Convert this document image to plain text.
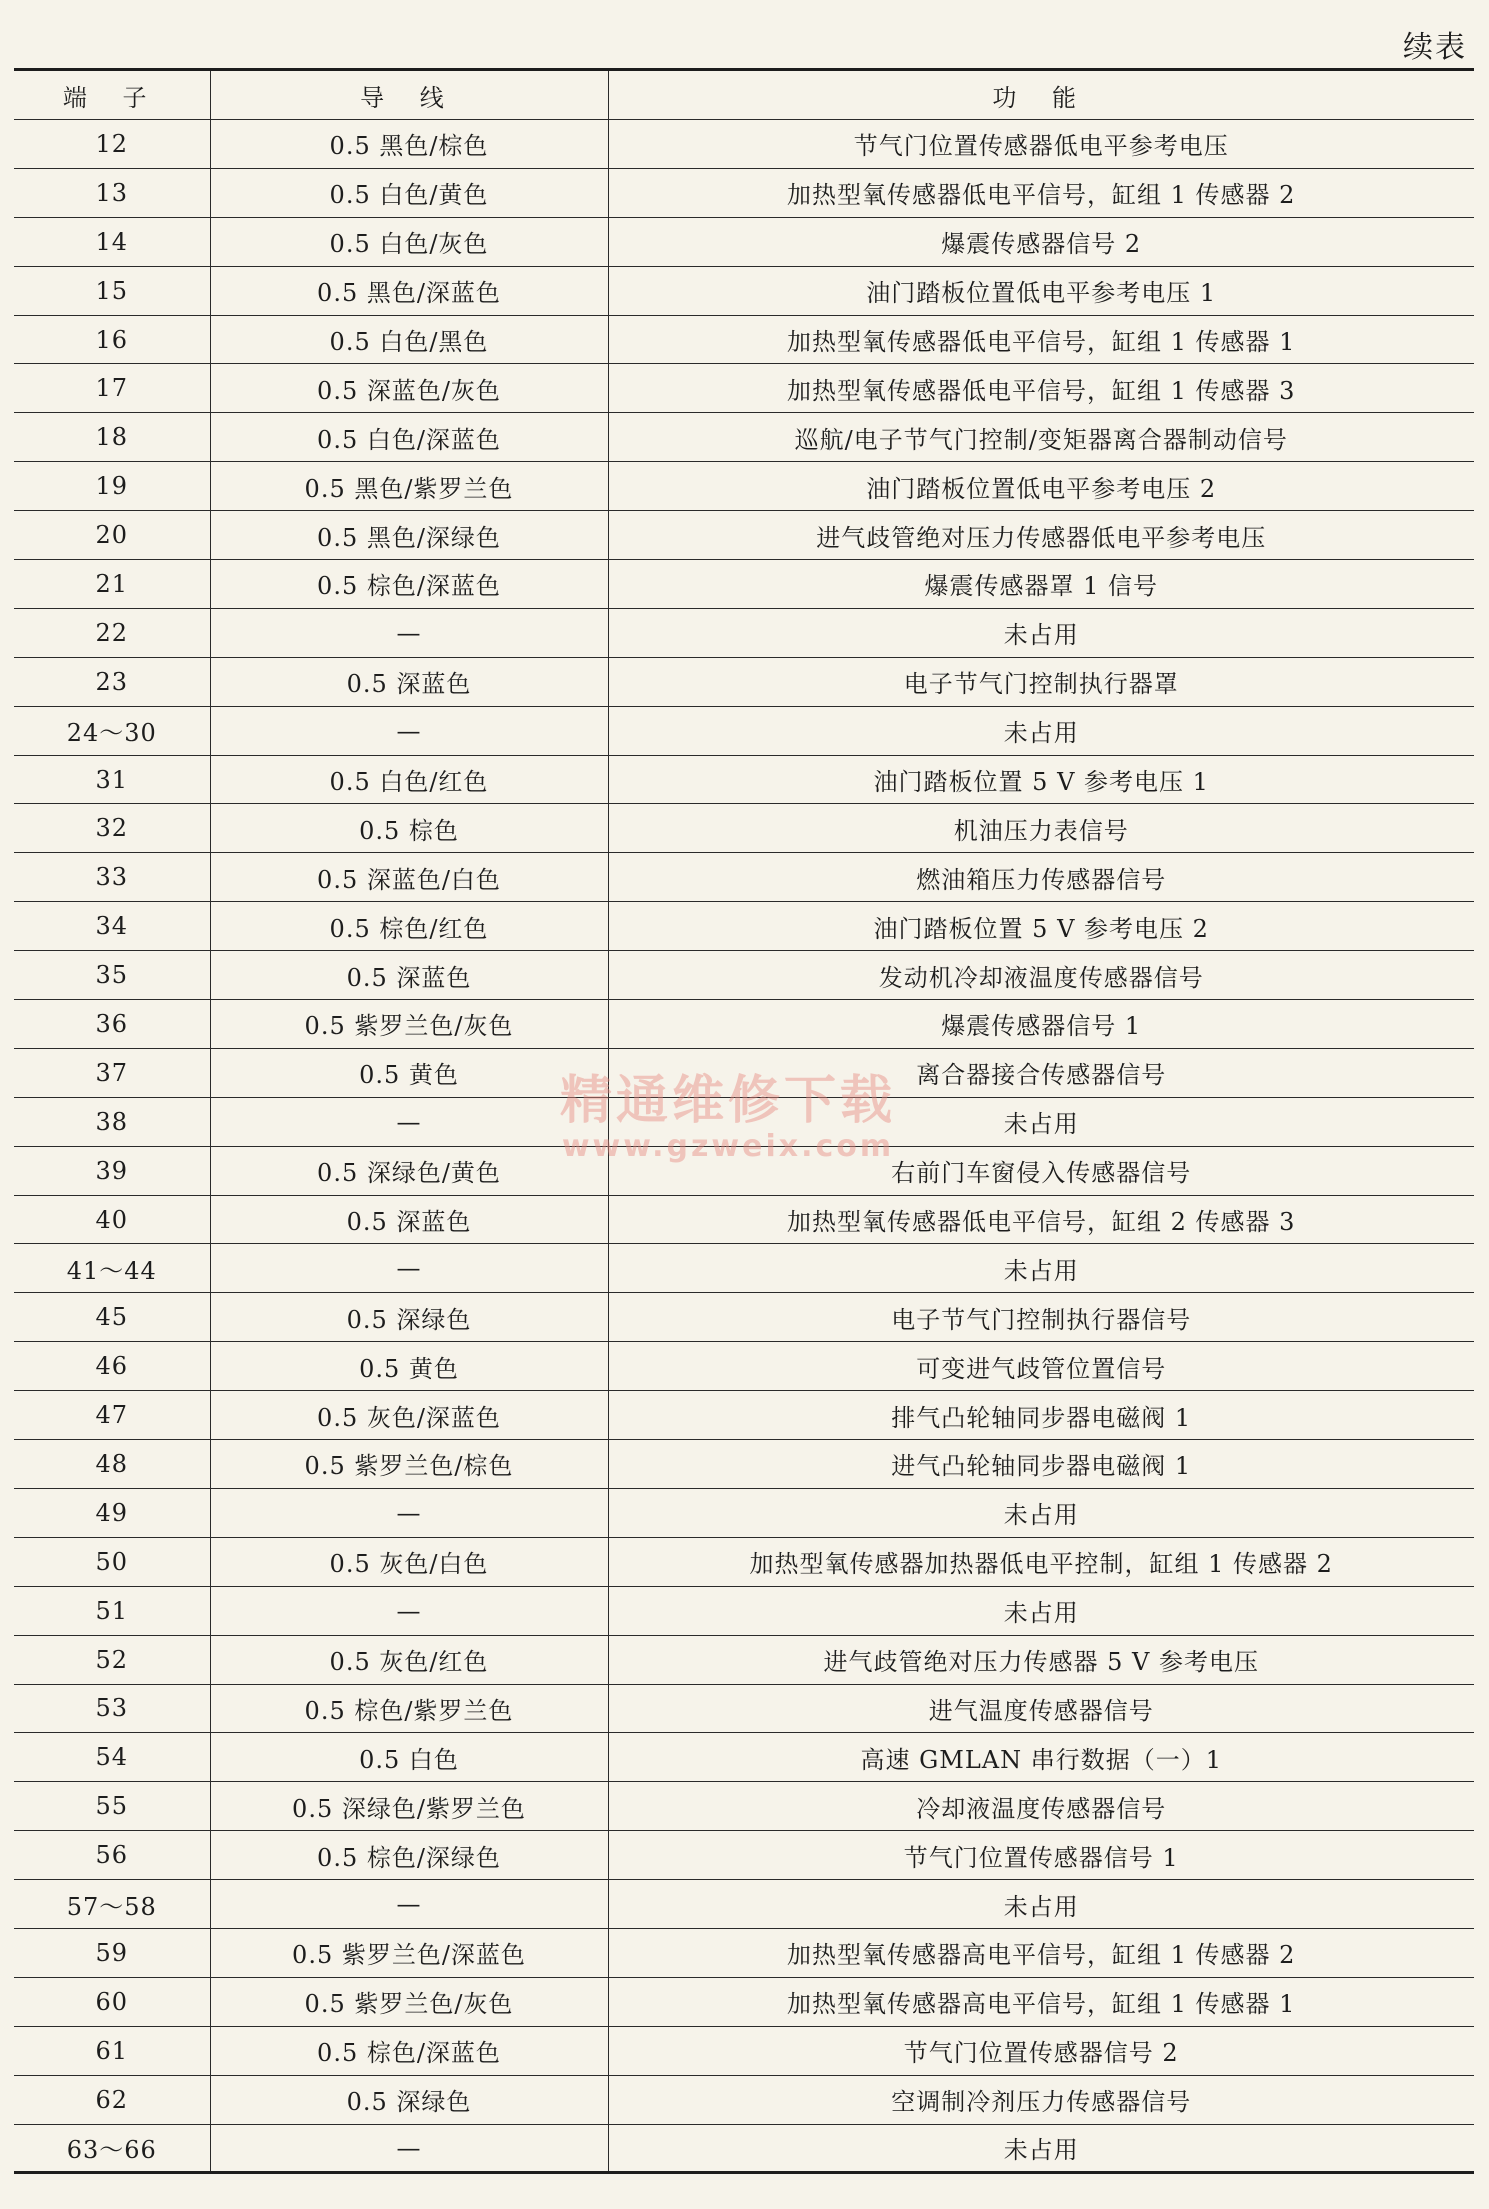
续表
端 子	导 线	功 能
12	0.5 黑色/棕色	节气门位置传感器低电平参考电压
13	0.5 白色/黄色	加热型氧传感器低电平信号，缸组 1 传感器 2
14	0.5 白色/灰色	爆震传感器信号 2
15	0.5 黑色/深蓝色	油门踏板位置低电平参考电压 1
16	0.5 白色/黑色	加热型氧传感器低电平信号，缸组 1 传感器 1
17	0.5 深蓝色/灰色	加热型氧传感器低电平信号，缸组 1 传感器 3
18	0.5 白色/深蓝色	巡航/电子节气门控制/变矩器离合器制动信号
19	0.5 黑色/紫罗兰色	油门踏板位置低电平参考电压 2
20	0.5 黑色/深绿色	进气歧管绝对压力传感器低电平参考电压
21	0.5 棕色/深蓝色	爆震传感器罩 1 信号
22	—	未占用
23	0.5 深蓝色	电子节气门控制执行器罩
24～30	—	未占用
31	0.5 白色/红色	油门踏板位置 5 V 参考电压 1
32	0.5 棕色	机油压力表信号
33	0.5 深蓝色/白色	燃油箱压力传感器信号
34	0.5 棕色/红色	油门踏板位置 5 V 参考电压 2
35	0.5 深蓝色	发动机冷却液温度传感器信号
36	0.5 紫罗兰色/灰色	爆震传感器信号 1
37	0.5 黄色	离合器接合传感器信号
38	—	未占用
39	0.5 深绿色/黄色	右前门车窗侵入传感器信号
40	0.5 深蓝色	加热型氧传感器低电平信号，缸组 2 传感器 3
41～44	—	未占用
45	0.5 深绿色	电子节气门控制执行器信号
46	0.5 黄色	可变进气歧管位置信号
47	0.5 灰色/深蓝色	排气凸轮轴同步器电磁阀 1
48	0.5 紫罗兰色/棕色	进气凸轮轴同步器电磁阀 1
49	—	未占用
50	0.5 灰色/白色	加热型氧传感器加热器低电平控制，缸组 1 传感器 2
51	—	未占用
52	0.5 灰色/红色	进气歧管绝对压力传感器 5 V 参考电压
53	0.5 棕色/紫罗兰色	进气温度传感器信号
54	0.5 白色	高速 GMLAN 串行数据（一）1
55	0.5 深绿色/紫罗兰色	冷却液温度传感器信号
56	0.5 棕色/深绿色	节气门位置传感器信号 1
57～58	—	未占用
59	0.5 紫罗兰色/深蓝色	加热型氧传感器高电平信号，缸组 1 传感器 2
60	0.5 紫罗兰色/灰色	加热型氧传感器高电平信号，缸组 1 传感器 1
61	0.5 棕色/深蓝色	节气门位置传感器信号 2
62	0.5 深绿色	空调制冷剂压力传感器信号
63～66	—	未占用
精通维修下载
www.gzweix.com
